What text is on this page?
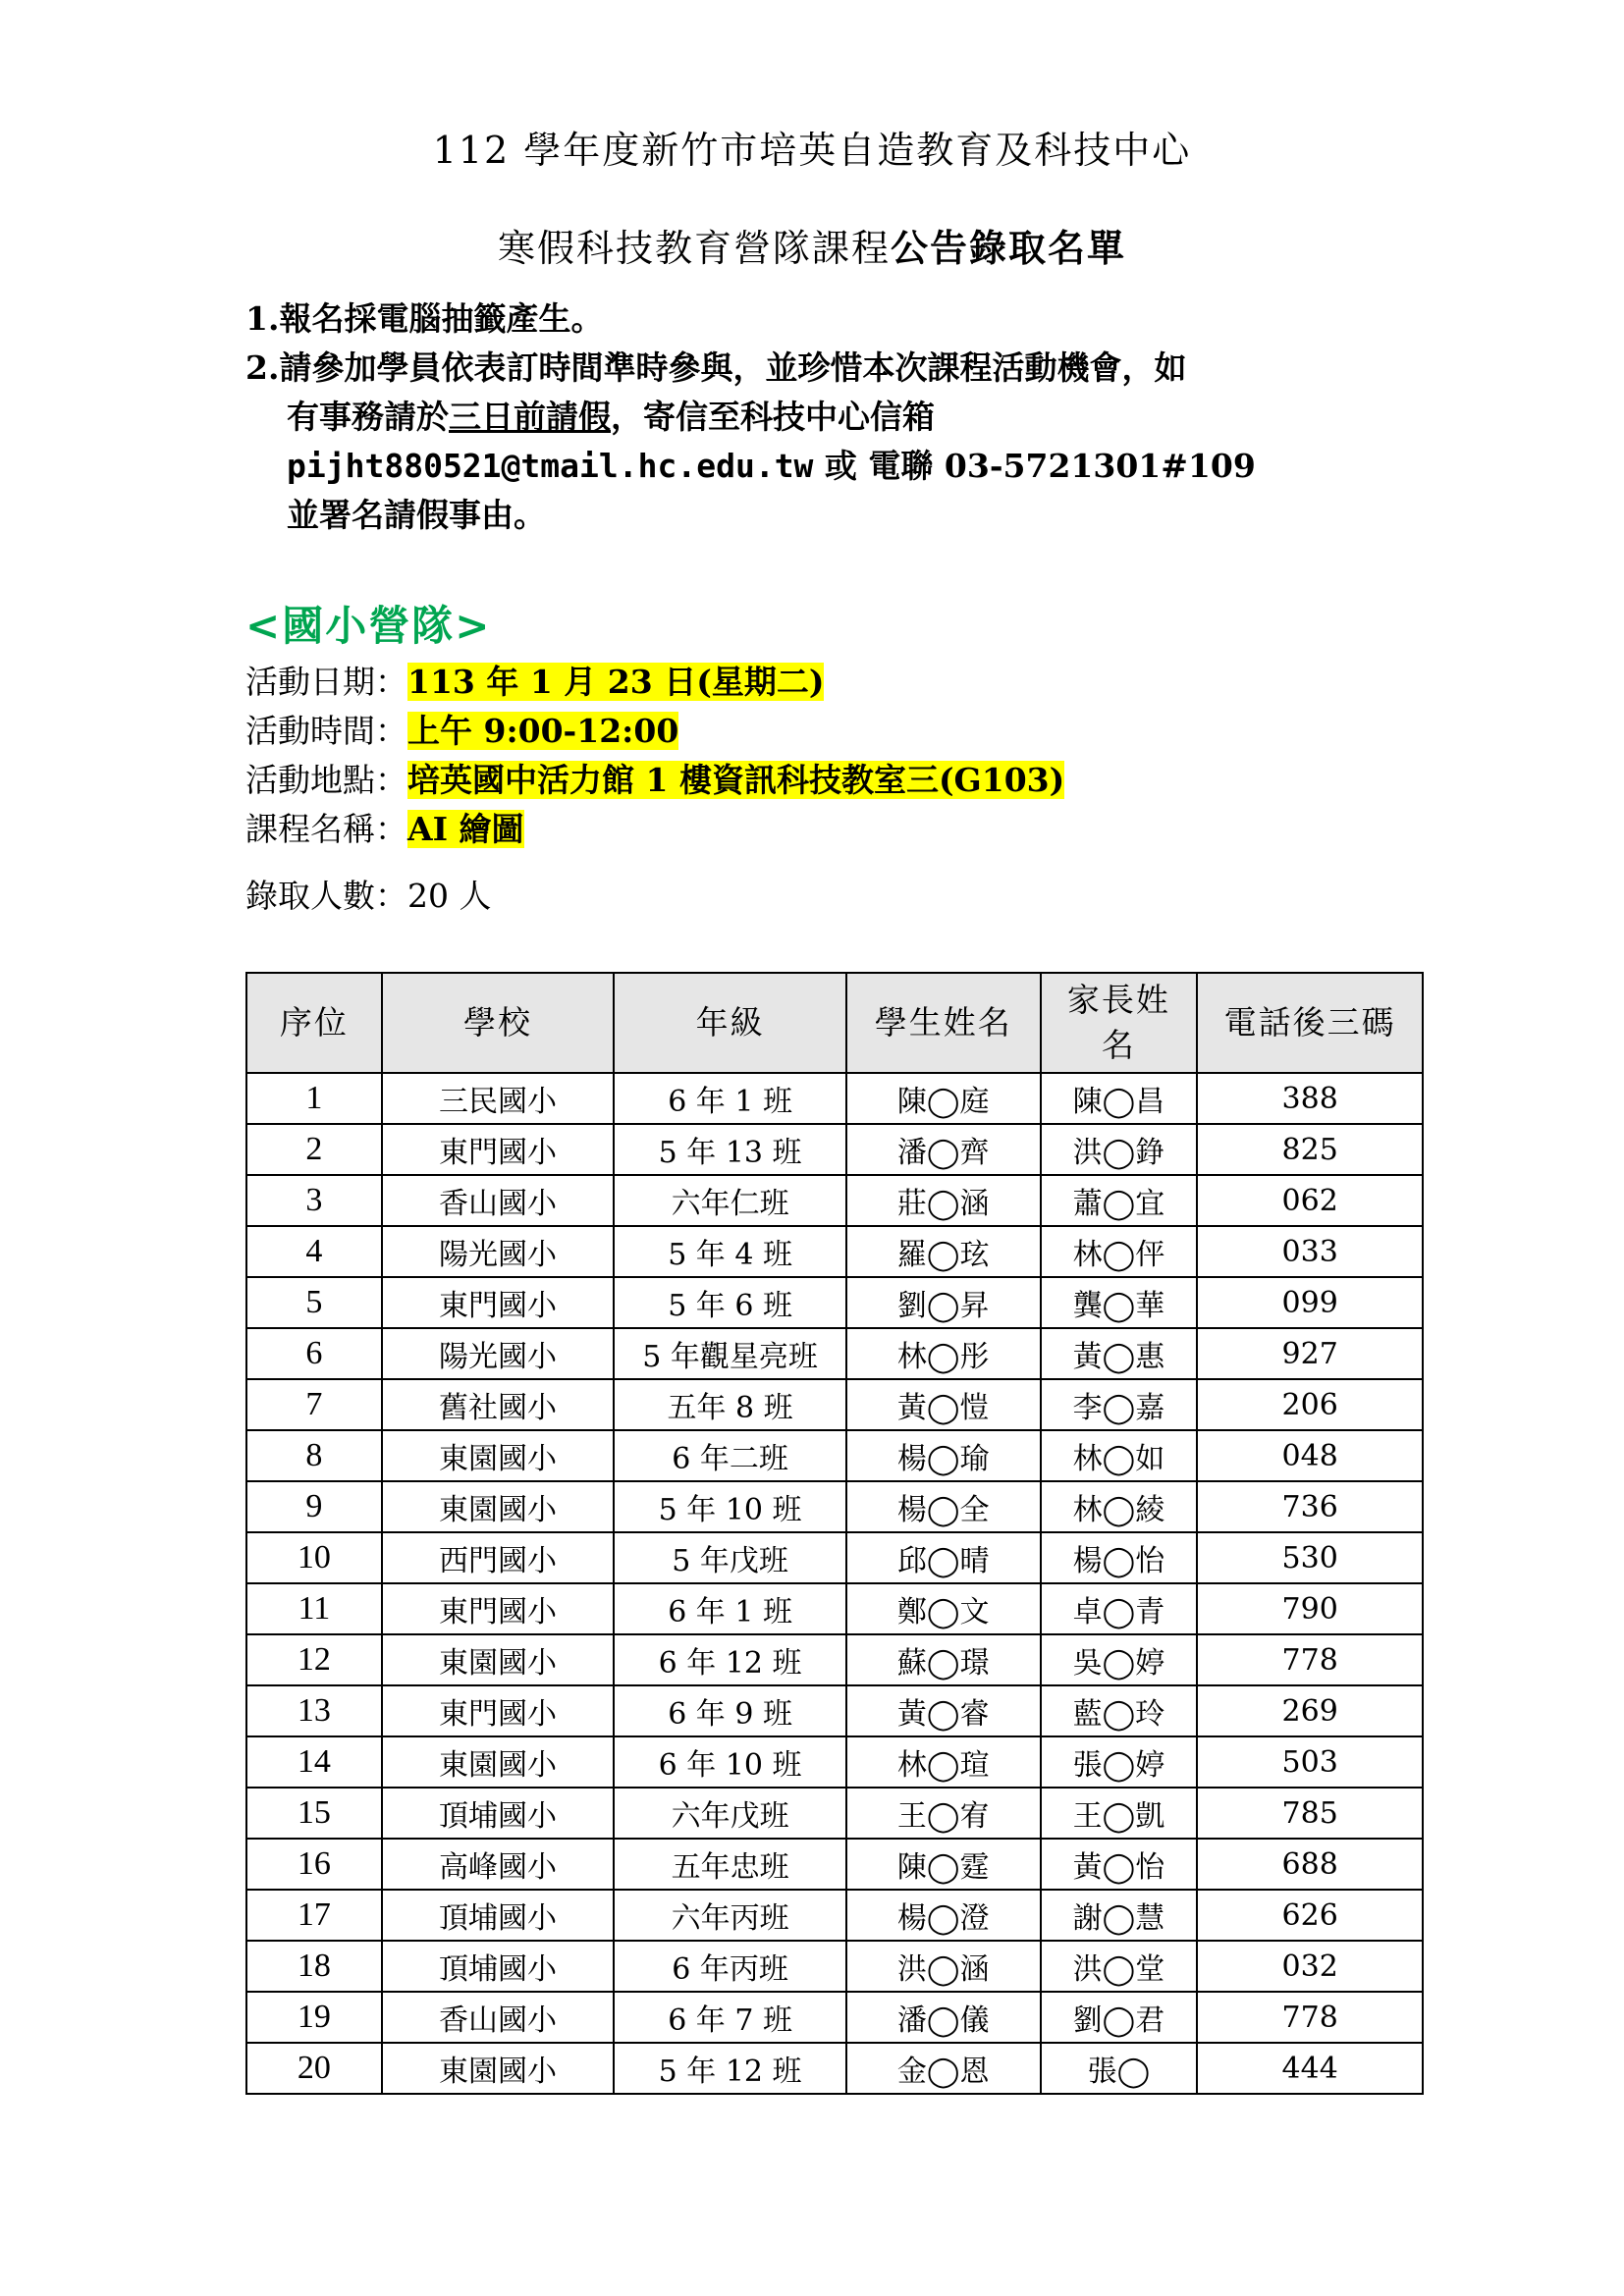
112 學年度新竹市培英自造教育及科技中心
寒假科技教育營隊課程公告錄取名單
1.報名採電腦抽籤產生。
2.請參加學員依表訂時間準時參與，並珍惜本次課程活動機會，如
有事務請於三日前請假，寄信至科技中心信箱
pijht880521@tmail.hc.edu.tw 或 電聯 03-5721301#109
並署名請假事由。
<國小營隊>
活動日期：113 年 1 月 23 日(星期二)
活動時間：上午 9:00-12:00
活動地點：培英國中活力館 1 樓資訊科技教室三(G103)
課程名稱：AI 繪圖
錄取人數：20 人
序位	學校	年級	學生姓名	家長姓名	電話後三碼
1	三民國小	6 年 1 班	陳◯庭	陳◯昌	388
2	東門國小	5 年 13 班	潘◯齊	洪◯錚	825
3	香山國小	六年仁班	莊◯涵	蕭◯宜	062
4	陽光國小	5 年 4 班	羅◯玹	林◯伻	033
5	東門國小	5 年 6 班	劉◯昇	龔◯華	099
6	陽光國小	5 年觀星亮班	林◯彤	黃◯惠	927
7	舊社國小	五年 8 班	黃◯愷	李◯嘉	206
8	東園國小	6 年二班	楊◯瑜	林◯如	048
9	東園國小	5 年 10 班	楊◯全	林◯綾	736
10	西門國小	5 年戊班	邱◯晴	楊◯怡	530
11	東門國小	6 年 1 班	鄭◯文	卓◯青	790
12	東園國小	6 年 12 班	蘇◯璟	吳◯婷	778
13	東門國小	6 年 9 班	黃◯睿	藍◯玲	269
14	東園國小	6 年 10 班	林◯瑄	張◯婷	503
15	頂埔國小	六年戊班	王◯宥	王◯凱	785
16	高峰國小	五年忠班	陳◯霆	黃◯怡	688
17	頂埔國小	六年丙班	楊◯澄	謝◯慧	626
18	頂埔國小	6 年丙班	洪◯涵	洪◯堂	032
19	香山國小	6 年 7 班	潘◯儀	劉◯君	778
20	東園國小	5 年 12 班	金◯恩	張◯	444
